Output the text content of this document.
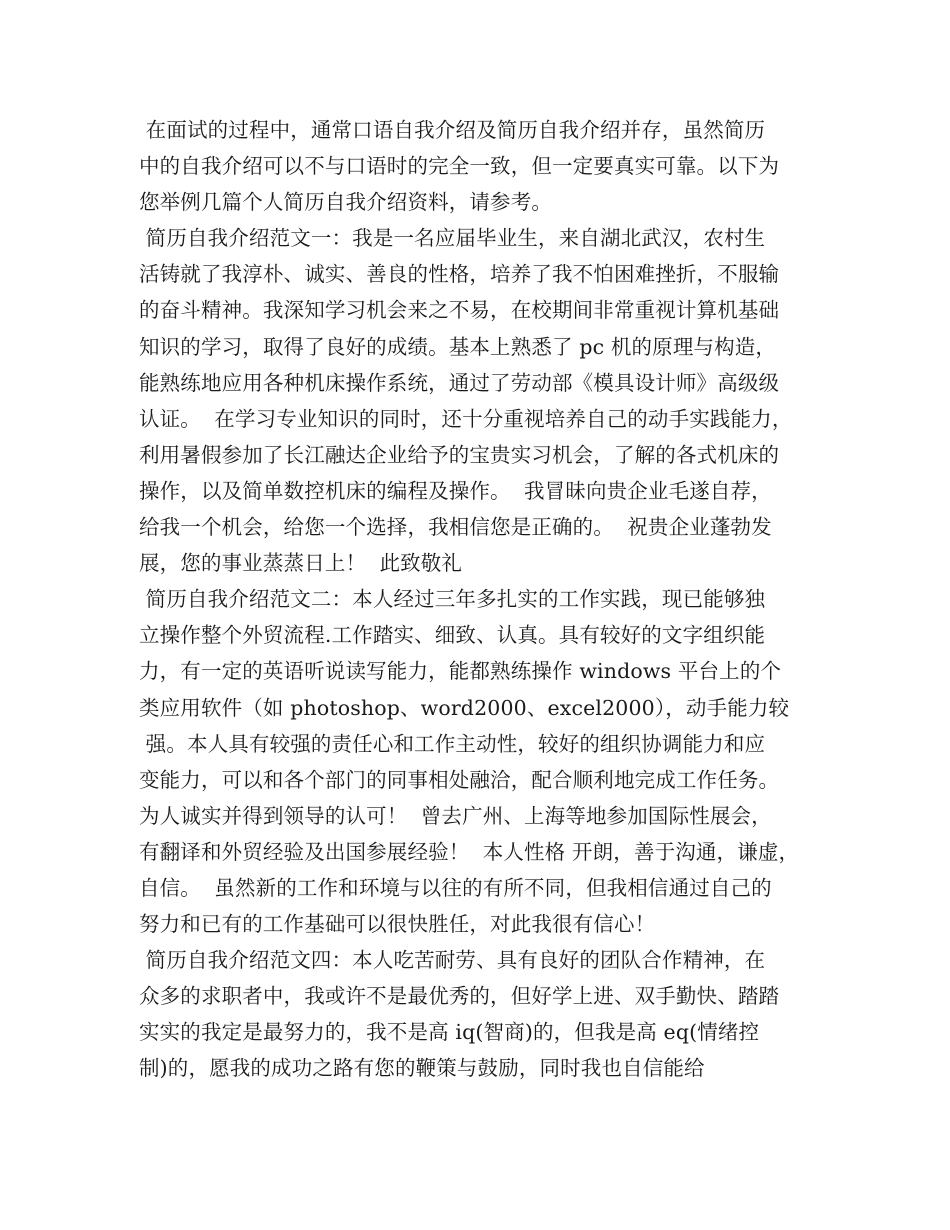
在面试的过程中，通常口语自我介绍及简历自我介绍并存，虽然简历
中的自我介绍可以不与口语时的完全一致，但一定要真实可靠。以下为
您举例几篇个人简历自我介绍资料，请参考。
简历自我介绍范文一：我是一名应届毕业生，来自湖北武汉，农村生
活铸就了我淳朴、诚实、善良的性格，培养了我不怕困难挫折，不服输
的奋斗精神。我深知学习机会来之不易，在校期间非常重视计算机基础
知识的学习，取得了良好的成绩。基本上熟悉了 pc 机的原理与构造，
能熟练地应用各种机床操作系统，通过了劳动部《模具设计师》高级级
认证。  在学习专业知识的同时，还十分重视培养自己的动手实践能力，
利用暑假参加了长江融达企业给予的宝贵实习机会，了解的各式机床的
操作，以及简单数控机床的编程及操作。  我冒昧向贵企业毛遂自荐，
给我一个机会，给您一个选择，我相信您是正确的。  祝贵企业蓬勃发
展，您的事业蒸蒸日上！  此致敬礼
简历自我介绍范文二：本人经过三年多扎实的工作实践，现已能够独
立操作整个外贸流程.工作踏实、细致、认真。具有较好的文字组织能
力，有一定的英语听说读写能力，能都熟练操作 windows 平台上的个
类应用软件（如 photoshop、word2000、excel2000），动手能力较
强。本人具有较强的责任心和工作主动性，较好的组织协调能力和应
变能力，可以和各个部门的同事相处融洽，配合顺利地完成工作任务。
为人诚实并得到领导的认可！  曾去广州、上海等地参加国际性展会，
有翻译和外贸经验及出国参展经验！  本人性格 开朗，善于沟通，谦虚，
自信。  虽然新的工作和环境与以往的有所不同，但我相信通过自己的
努力和已有的工作基础可以很快胜任，对此我很有信心！
简历自我介绍范文四：本人吃苦耐劳、具有良好的团队合作精神，在
众多的求职者中，我或许不是最优秀的，但好学上进、双手勤快、踏踏
实实的我定是最努力的，我不是高 iq(智商)的，但我是高 eq(情绪控
制)的，愿我的成功之路有您的鞭策与鼓励，同时我也自信能给
